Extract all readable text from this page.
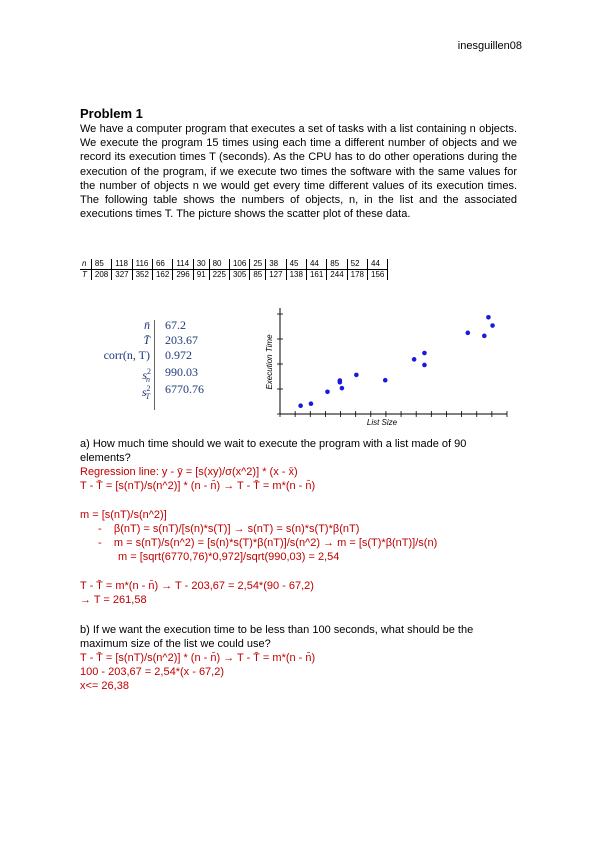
inesguillen08
Problem 1
We have a computer program that executes a set of tasks with a list containing n objects. We execute the program 15 times using each time a different number of objects and we record its execution times T (seconds). As the CPU has to do other operations during the execution of the program, if we execute two times the software with the same values for the number of objects n we would get every time different values of its execution times. The following table shows the numbers of objects, n, in the list and the associated executions times T. The picture shows the scatter plot of these data.
n	85	118	116	66	114	30	80	106	25	38	45	44	85	52	44
T	208	327	352	162	296	91	225	305	85	127	138	161	244	178	156
n̄ 67.2
T̄ 203.67
corr(n, T) 0.972
$s^2_n$
990.03
$s^2_T$
6770.76	Execution Time
List Size
a) How much time should we wait to execute the program with a list made of 90 elements?
Regression line: y - ȳ = [s(xy)/σ(x^2)] * (x - x̄)
T - T̄ = [s(nT)/s(n^2)] * (n - n̄) → T - T̄ = m*(n - n̄)
m = [s(nT)/s(n^2)]
-    β(nT) = s(nT)/[s(n)*s(T)] → s(nT) = s(n)*s(T)*β(nT)
-    m = s(nT)/s(n^2) = [s(n)*s(T)*β(nT)]/s(n^2) → m = [s(T)*β(nT)]/s(n)
m = [sqrt(6770,76)*0,972]/sqrt(990,03) = 2,54
T - T̄ = m*(n - n̄) → T - 203,67 = 2,54*(90 - 67,2)
→ T = 261,58
b) If we want the execution time to be less than 100 seconds, what should be the maximum size of the list we could use?
T - T̄ = [s(nT)/s(n^2)] * (n - n̄) → T - T̄ = m*(n - n̄)
100 - 203,67 = 2,54*(x - 67,2)
x<= 26,38
